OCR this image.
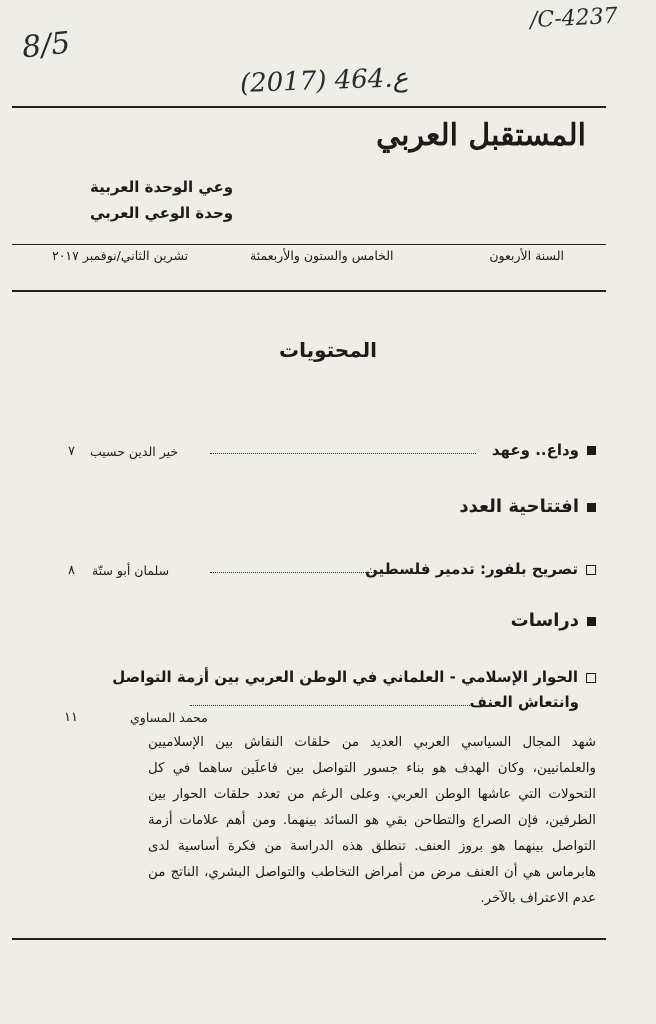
8/5
/C-4237
(2017) 464.ع
المستقبل العربي
وعي الوحدة العربية
وحدة الوعي العربي
السنة الأربعون
الخامس والستون والأربعمئة
تشرين الثاني/نوفمبر ٢٠١٧
المحتويات
وداع.. وعهد
خير الدين حسيب
٧
افتتاحية العدد
تصريح بلفور: تدمير فلسطين
سلمان أبو ستّة
٨
دراسات
الحوار الإسلامي - العلماني في الوطن العربي بين أزمة التواصل
وانتعاش العنف
محمد المساوي
١١
شهد المجال السياسي العربي العديد من حلقات النقاش بين الإسلاميين والعلمانيين، وكان الهدف هو بناء جسور التواصل بين فاعلَين ساهما في كل التحولات التي عاشها الوطن العربي. وعلى الرغم من تعدد حلقات الحوار بين الطرفين، فإن الصراع والتطاحن بقي هو السائد بينهما. ومن أهم علامات أزمة التواصل بينهما هو بروز العنف. تنطلق هذه الدراسة من فكرة أساسية لدى هابرماس هي أن العنف مرض من أمراض التخاطب والتواصل البشري، الناتج من عدم الاعتراف بالآخر.
